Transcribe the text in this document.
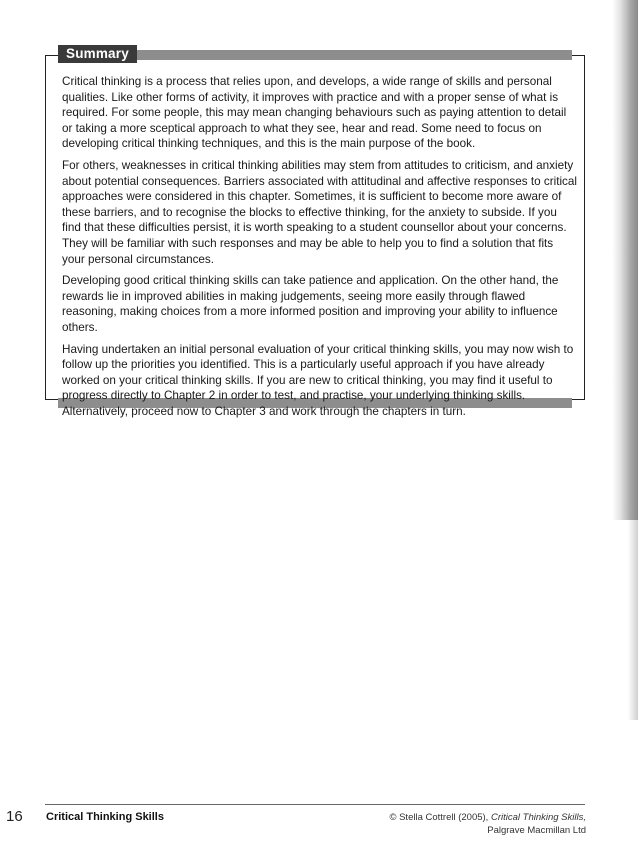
Summary

Critical thinking is a process that relies upon, and develops, a wide range of skills and personal qualities. Like other forms of activity, it improves with practice and with a proper sense of what is required. For some people, this may mean changing behaviours such as paying attention to detail or taking a more sceptical approach to what they see, hear and read. Some need to focus on developing critical thinking techniques, and this is the main purpose of the book.

For others, weaknesses in critical thinking abilities may stem from attitudes to criticism, and anxiety about potential consequences. Barriers associated with attitudinal and affective responses to critical approaches were considered in this chapter. Sometimes, it is sufficient to become more aware of these barriers, and to recognise the blocks to effective thinking, for the anxiety to subside. If you find that these difficulties persist, it is worth speaking to a student counsellor about your concerns. They will be familiar with such responses and may be able to help you to find a solution that fits your personal circumstances.

Developing good critical thinking skills can take patience and application. On the other hand, the rewards lie in improved abilities in making judgements, seeing more easily through flawed reasoning, making choices from a more informed position and improving your ability to influence others.

Having undertaken an initial personal evaluation of your critical thinking skills, you may now wish to follow up the priorities you identified. This is a particularly useful approach if you have already worked on your critical thinking skills. If you are new to critical thinking, you may find it useful to progress directly to Chapter 2 in order to test, and practise, your underlying thinking skills. Alternatively, proceed now to Chapter 3 and work through the chapters in turn.

16 Critical Thinking Skills	© Stella Cottrell (2005), Critical Thinking Skills,
Palgrave Macmillan Ltd
